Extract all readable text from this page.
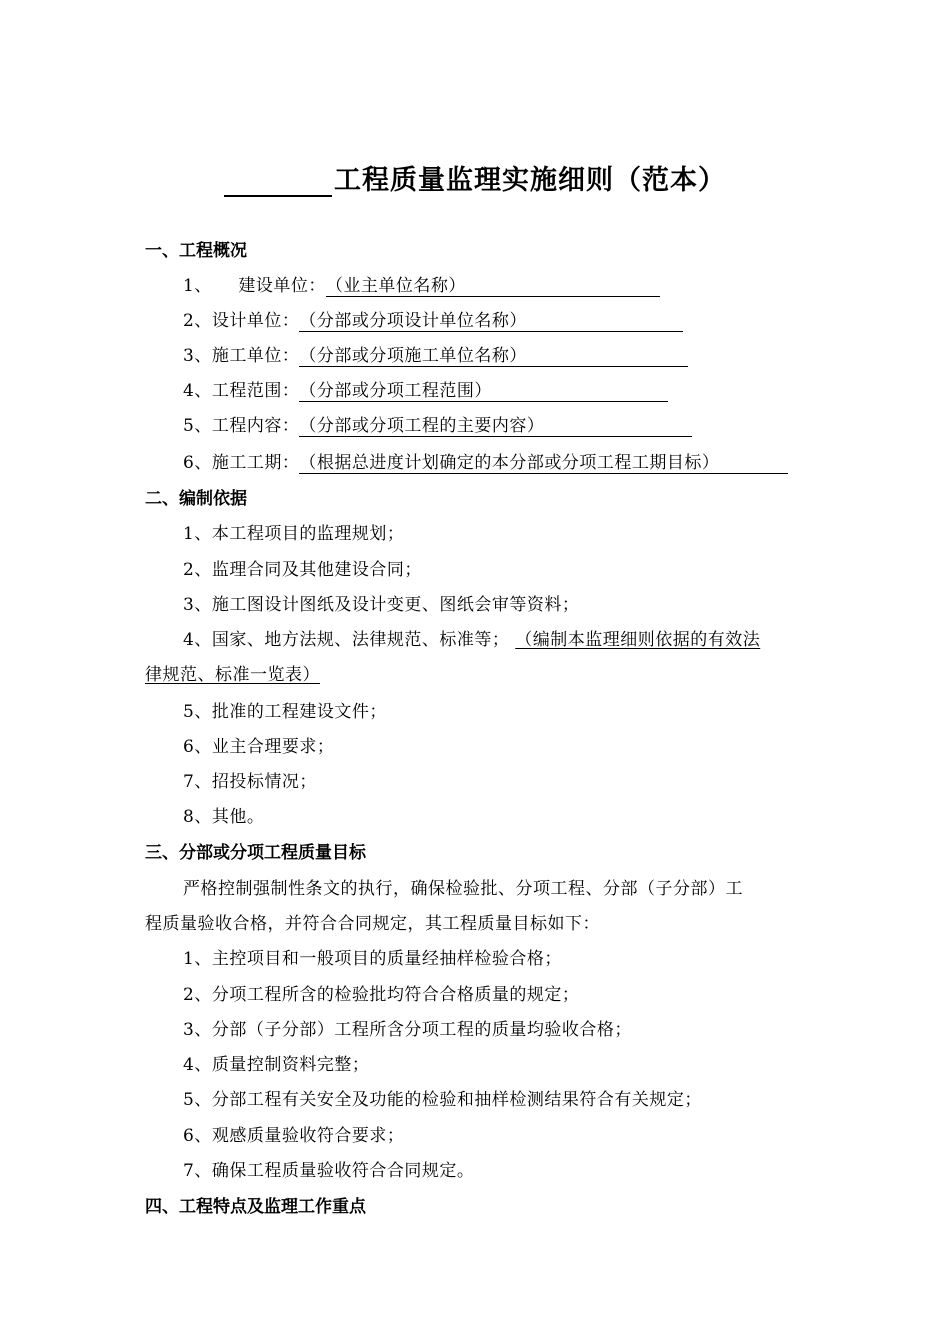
工程质量监理实施细则（范本）
一、工程概况
1、　　建设单位：（业主单位名称）
2、设计单位：（分部或分项设计单位名称）
3、施工单位：（分部或分项施工单位名称）
4、工程范围：（分部或分项工程范围）
5、工程内容：（分部或分项工程的主要内容）
6、施工工期：（根据总进度计划确定的本分部或分项工程工期目标）
二、编制依据
1、本工程项目的监理规划；
2、监理合同及其他建设合同；
3、施工图设计图纸及设计变更、图纸会审等资料；
4、国家、地方法规、法律规范、标准等； （编制本监理细则依据的有效法
律规范、标准一览表）
5、批准的工程建设文件；
6、业主合理要求；
7、招投标情况；
8、其他。
三、分部或分项工程质量目标
严格控制强制性条文的执行，确保检验批、分项工程、分部（子分部）工
程质量验收合格，并符合合同规定，其工程质量目标如下：
1、主控项目和一般项目的质量经抽样检验合格；
2、分项工程所含的检验批均符合合格质量的规定；
3、分部（子分部）工程所含分项工程的质量均验收合格；
4、质量控制资料完整；
5、分部工程有关安全及功能的检验和抽样检测结果符合有关规定；
6、观感质量验收符合要求；
7、确保工程质量验收符合合同规定。
四、工程特点及监理工作重点
